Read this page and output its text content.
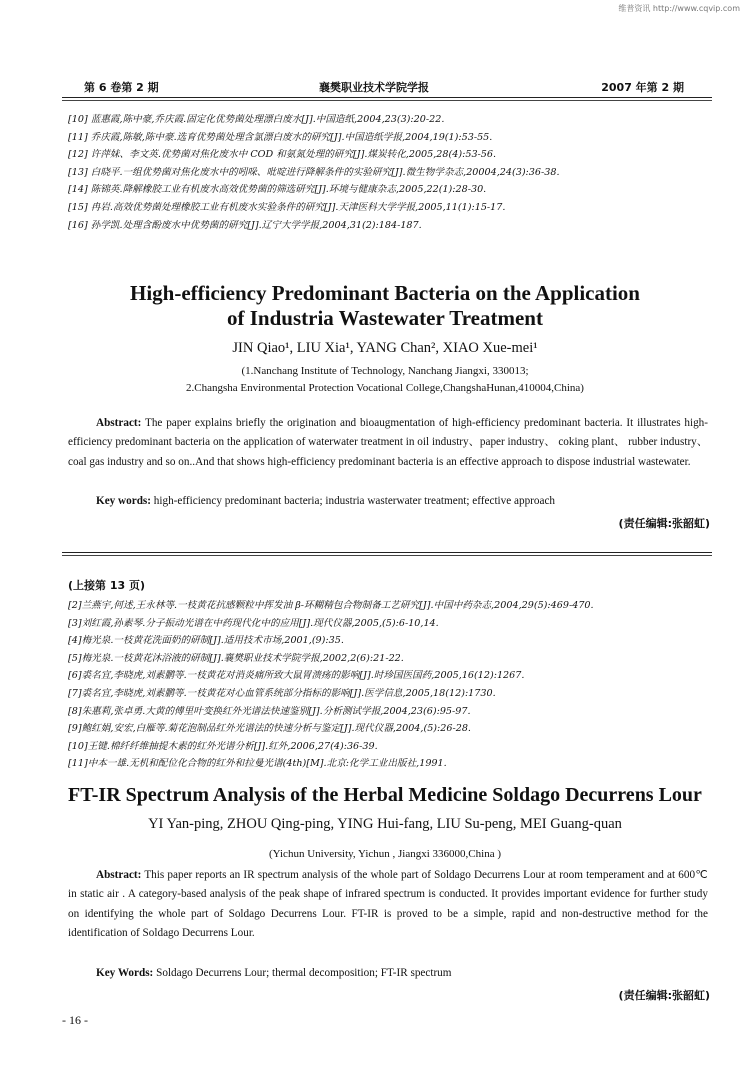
维普资讯 http://www.cqvip.com
第 6 卷第 2 期	襄樊职业技术学院学报	2007 年第 2 期
[10] 蓝惠霞,陈中豪,乔庆霞.固定化优势菌处理漂白废水[J].中国造纸,2004,23(3):20-22.
[11] 乔庆霞,陈敏,陈中豪.选育优势菌处理含氯漂白废水的研究[J].中国造纸学报,2004,19(1):53-55.
[12] 许萍妹、李文英.优势菌对焦化废水中 COD 和氨氮处理的研究[J].煤炭转化,2005,28(4):53-56.
[13] 白晓平.一组优势菌对焦化废水中的吲哚、吡啶进行降解条件的实验研究[J].微生物学杂志,20004,24(3):36-38.
[14] 陈锦英.降解橡胶工业有机废水高效优势菌的筛选研究[J].环境与健康杂志,2005,22(1):28-30.
[15] 冉岩.高效优势菌处理橡胶工业有机废水实验条件的研究[J].天津医科大学学报,2005,11(1):15-17.
[16] 孙学凯.处理含酚废水中优势菌的研究[J].辽宁大学学报,2004,31(2):184-187.
High-efficiency Predominant Bacteria on the Application
of Industria Wastewater Treatment
JIN Qiao¹, LIU Xia¹, YANG Chan², XIAO Xue-mei¹
(1.Nanchang Institute of Technology, Nanchang Jiangxi, 330013;
2.Changsha Environmental Protection Vocational College,ChangshaHunan,410004,China)
Abstract: The paper explains briefly the origination and bioaugmentation of high-efficiency predominant bacteria. It illustrates high-efficiency predominant bacteria on the application of waterwater treatment in oil industry、paper industry、 coking plant、 rubber industry、 coal gas industry and so on..And that shows high-efficiency predominant bacteria is an effective approach to dispose industrial wastewater.
Key words: high-efficiency predominant bacteria; industria wasterwater treatment; effective approach
(责任编辑:张韶虹)
(上接第 13 页)
[2]兰燕宇,何述,王永林等.一枝黄花抗感颗粒中挥发油 β-环糊精包合物制备工艺研究[J].中国中药杂志,2004,29(5):469-470.
[3]刘红霞,孙素琴.分子振动光谱在中药现代化中的应用[J].现代仪器,2005,(5):6-10,14.
[4]梅光泉.一枝黄花洗面奶的研制[J].适用技术市场,2001,(9):35.
[5]梅光泉.一枝黄花沐浴液的研制[J].襄樊职业技术学院学报,2002,2(6):21-22.
[6]裘名宜,李晓虎,刘素鹏等.一枝黄花对消炎痛所致大鼠胃溃疡的影响[J].时珍国医国药,2005,16(12):1267.
[7]裘名宜,李晓虎,刘素鹏等.一枝黄花对心血管系统部分指标的影响[J].医学信息,2005,18(12):1730.
[8]朱惠莉,张卓勇.大黄的傅里叶变换红外光谱法快速鉴别[J].分析测试学报,2004,23(6):95-97.
[9]鲍红娟,安宏,白雁等.菊花泡制品红外光谱法的快速分析与鉴定[J].现代仪器,2004,(5):26-28.
[10]王键.棉纤纤维抽提木素的红外光谱分析[J].红外,2006,27(4):36-39.
[11]中本一雄.无机和配位化合物的红外和拉曼光谱(4th)[M].北京:化学工业出版社,1991.
FT-IR Spectrum Analysis of the Herbal Medicine Soldago Decurrens Lour
YI Yan-ping, ZHOU Qing-ping, YING Hui-fang, LIU Su-peng, MEI Guang-quan
(Yichun University, Yichun , Jiangxi 336000,China )
Abstract: This paper reports an IR spectrum analysis of the whole part of Soldago Decurrens Lour at room temperament and at 600℃ in static air . A category-based analysis of the peak shape of infrared spectrum is conducted. It provides important evidence for further study on identifying the whole part of Soldago Decurrens Lour. FT-IR is proved to be a simple, rapid and non-destructive method for the identification of Soldago Decurrens Lour.
Key Words: Soldago Decurrens Lour; thermal decomposition; FT-IR spectrum
(责任编辑:张韶虹)
- 16 -
